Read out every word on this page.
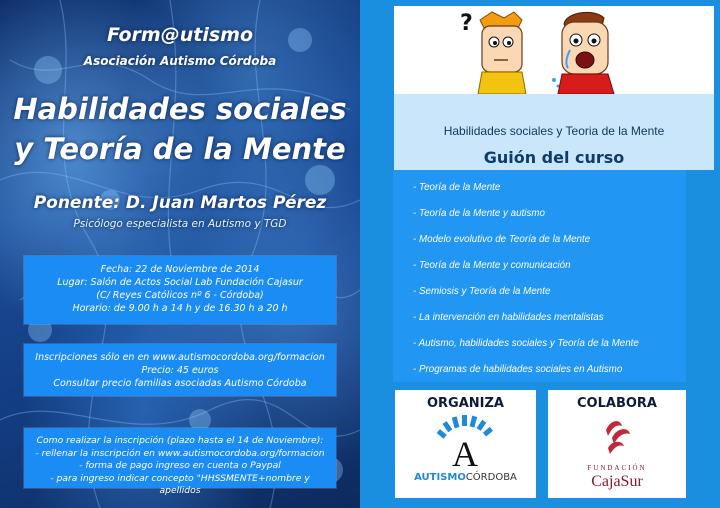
Form@utismo
Asociación Autismo Córdoba
Habilidades sociales
y Teoría de la Mente
Ponente: D. Juan Martos Pérez
Psicólogo especialista en Autismo y TGD
Fecha: 22 de Noviembre de 2014
Lugar: Salón de Actos Social Lab Fundación Cajasur
(C/ Reyes Católicos nº 6 - Córdoba)
Horario: de 9.00 h a 14 h y de 16.30 h a 20 h
Inscripciones sólo en en www.autismocordoba.org/formacion
Precio: 45 euros
Consultar precio familias asociadas Autismo Córdoba
Como realizar la inscripción (plazo hasta el 14 de Noviembre):
- rellenar la inscripción en www.autismocordoba.org/formacion
- forma de pago ingreso en cuenta o Paypal
- para ingreso indicar concepto "HHSSMENTE+nombre y apellidos
?
Habilidades sociales y Teoria de la Mente
Guión del curso
- Teoría de la Mente
- Teoría de la Mente y autismo
- Modelo evolutivo de Teoría de la Mente
- Teoría de la Mente y comunicación
- Semiosis y Teoría de la Mente
- La intervención en habilidades mentalistas
- Autismo, habilidades sociales y Teoría de la Mente
- Programas de habilidades sociales en Autismo
ORGANIZA
A
AUTISMOCÓRDOBA
COLABORA
FUNDACIÓN
CajaSur
